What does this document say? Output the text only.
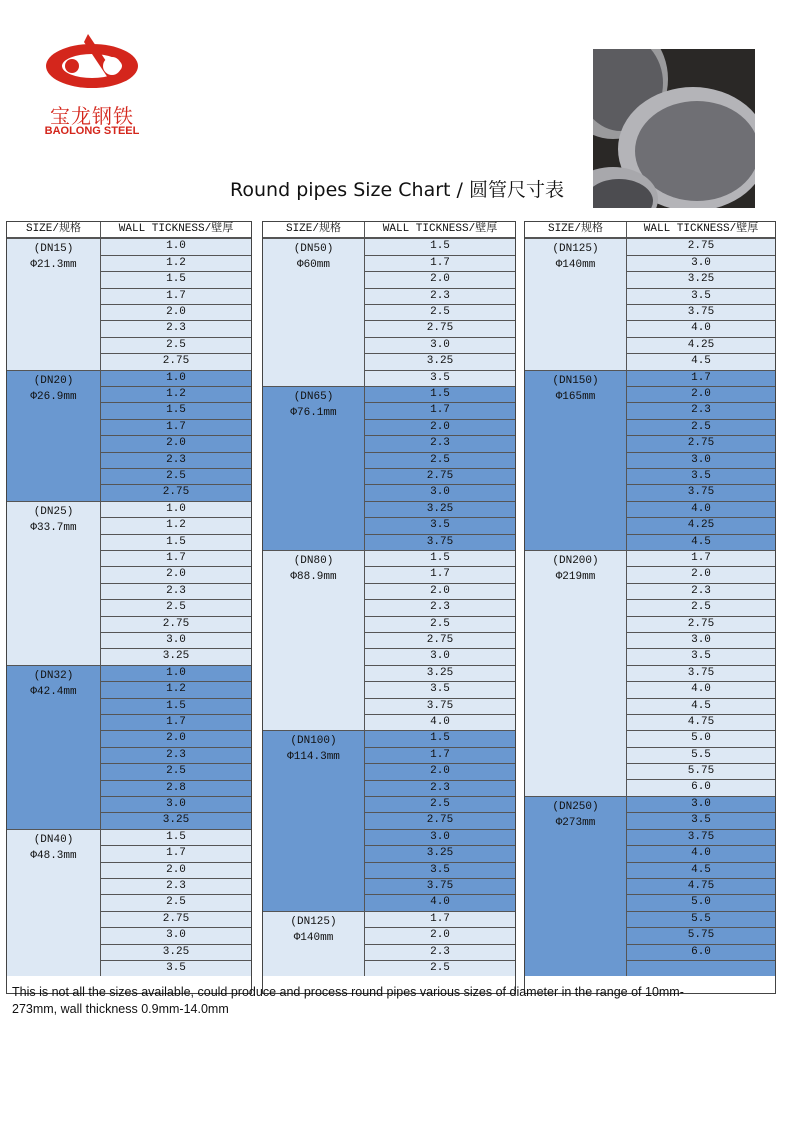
宝龙钢铁
BAOLONG STEEL
Round pipes Size Chart / 圆管尺寸表
SIZE/规格	WALL TICKNESS/壁厚
(DN15)
Φ21.3mm
1.0
1.2
1.5
1.7
2.0
2.3
2.5
2.75
(DN20)
Φ26.9mm
1.0
1.2
1.5
1.7
2.0
2.3
2.5
2.75
(DN25)
Φ33.7mm
1.0
1.2
1.5
1.7
2.0
2.3
2.5
2.75
3.0
3.25
(DN32)
Φ42.4mm
1.0
1.2
1.5
1.7
2.0
2.3
2.5
2.8
3.0
3.25
(DN40)
Φ48.3mm
1.5
1.7
2.0
2.3
2.5
2.75
3.0
3.25
3.5
SIZE/规格	WALL TICKNESS/壁厚
(DN50)
Φ60mm
1.5
1.7
2.0
2.3
2.5
2.75
3.0
3.25
3.5
(DN65)
Φ76.1mm
1.5
1.7
2.0
2.3
2.5
2.75
3.0
3.25
3.5
3.75
(DN80)
Φ88.9mm
1.5
1.7
2.0
2.3
2.5
2.75
3.0
3.25
3.5
3.75
4.0
(DN100)
Φ114.3mm
1.5
1.7
2.0
2.3
2.5
2.75
3.0
3.25
3.5
3.75
4.0
(DN125)
Φ140mm
1.7
2.0
2.3
2.5
SIZE/规格	WALL TICKNESS/壁厚
(DN125)
Φ140mm
2.75
3.0
3.25
3.5
3.75
4.0
4.25
4.5
(DN150)
Φ165mm
1.7
2.0
2.3
2.5
2.75
3.0
3.5
3.75
4.0
4.25
4.5
(DN200)
Φ219mm
1.7
2.0
2.3
2.5
2.75
3.0
3.5
3.75
4.0
4.5
4.75
5.0
5.5
5.75
6.0
(DN250)
Φ273mm
3.0
3.5
3.75
4.0
4.5
4.75
5.0
5.5
5.75
6.0
This is not all the sizes available, could produce and process round pipes various sizes of diameter in the range of 10mm-273mm, wall thickness 0.9mm-14.0mm
